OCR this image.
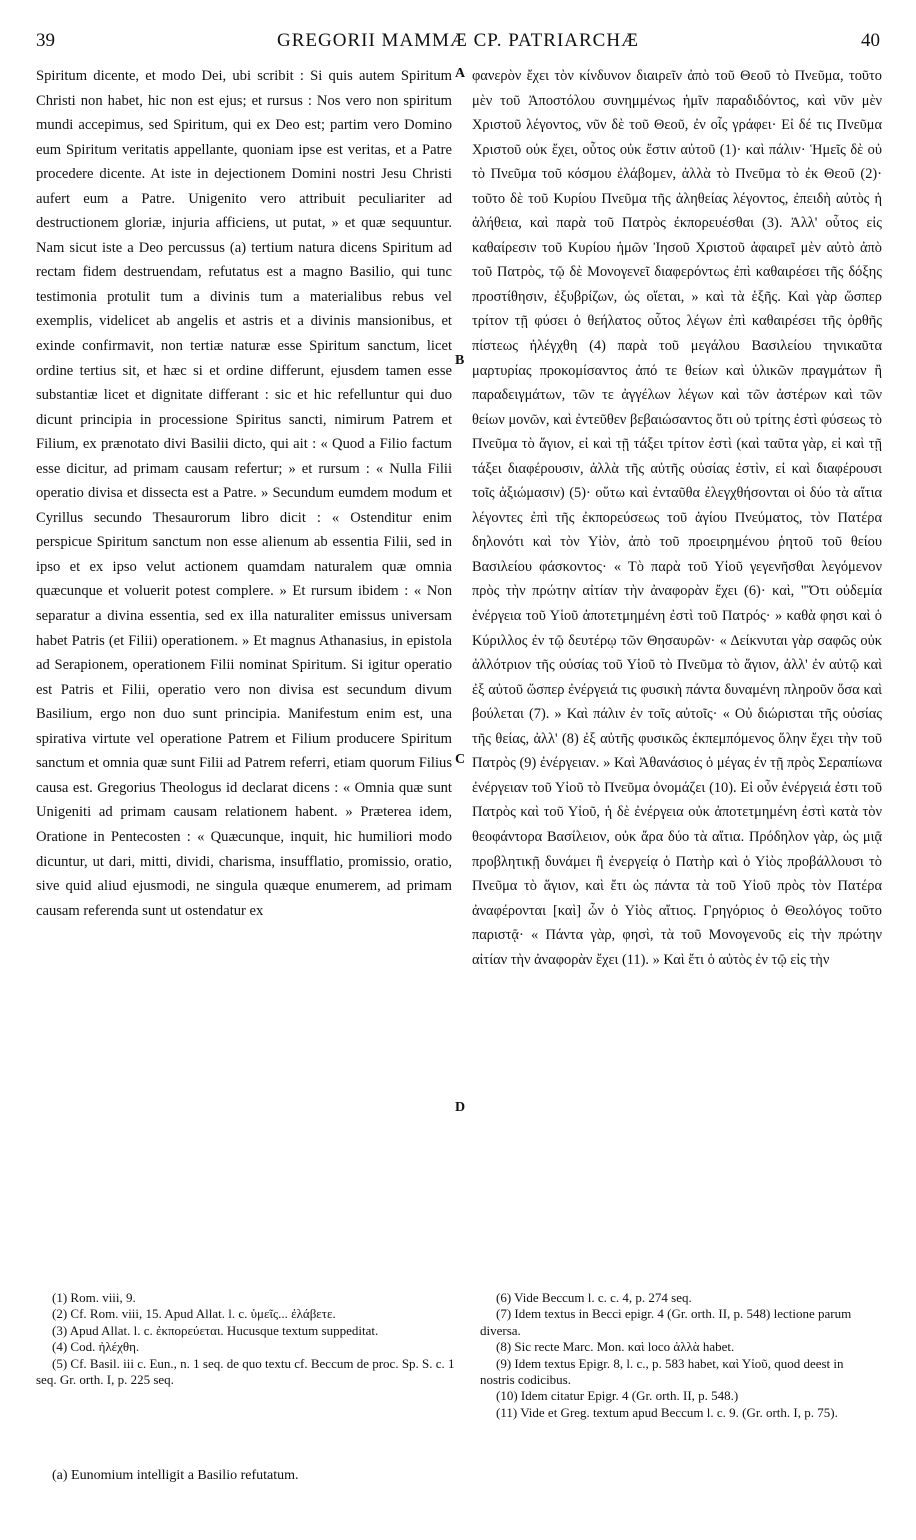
39	GREGORII MAMMÆ CP. PATRIARCHÆ	40

Spiritum dicente, et modo Dei, ubi scribit : Si quis autem Spiritum Christi non habet, hic non est ejus; et rursus : Nos vero non spiritum mundi accepimus, sed Spiritum, qui ex Deo est; partim vero Domino eum Spiritum veritatis appellante, quoniam ipse est veritas, et a Patre procedere dicente. At iste in dejectionem Domini nostri Jesu Christi aufert eum a Patre. Unigenito vero attribuit peculiariter ad destructionem gloriæ, injuria afficiens, ut putat, » et quæ sequuntur. Nam sicut iste a Deo percussus (a) tertium natura dicens Spiritum ad rectam fidem destruendam, refutatus est a magno Basilio, qui tunc testimonia protulit tum a divinis tum a materialibus rebus vel exemplis, videlicet ab angelis et astris et a divinis mansionibus, et exinde confirmavit, non tertiæ naturæ esse Spiritum sanctum, licet ordine tertius sit, et hæc si et ordine differunt, ejusdem tamen esse substantiæ licet et dignitate differant : sic et hic refelluntur qui duo dicunt principia in processione Spiritus sancti, nimirum Patrem et Filium, ex prænotato divi Basilii dicto, qui ait : « Quod a Filio factum esse dicitur, ad primam causam refertur; » et rursum : « Nulla Filii operatio divisa et dissecta est a Patre. » Secundum eumdem modum et Cyrillus secundo Thesaurorum libro dicit : « Ostenditur enim perspicue Spiritum sanctum non esse alienum ab essentia Filii, sed in ipso et ex ipso velut actionem quamdam naturalem quæ omnia quæcunque et voluerit potest complere. » Et rursum ibidem : « Non separatur a divina essentia, sed ex illa naturaliter emissus universam habet Patris (et Filii) operationem. » Et magnus Athanasius, in epistola ad Serapionem, operationem Filii nominat Spiritum. Si igitur operatio est Patris et Filii, operatio vero non divisa est secundum divum Basilium, ergo non duo sunt principia. Manifestum enim est, una spirativa virtute vel operatione Patrem et Filium producere Spiritum sanctum et omnia quæ sunt Filii ad Patrem referri, etiam quorum Filius causa est. Gregorius Theologus id declarat dicens : « Omnia quæ sunt Unigeniti ad primam causam relationem habent. » Præterea idem, Oratione in Pentecosten : « Quæcunque, inquit, hic humiliori modo dicuntur, ut dari, mitti, dividi, charisma, insufflatio, promissio, oratio, sive quid aliud ejusmodi, ne singula quæque enumerem, ad primam causam referenda sunt ut ostendatur ex

A
B
C
D

φανερὸν ἔχει τὸν κίνδυνον διαιρεῖν ἀπὸ τοῦ Θεοῦ τὸ Πνεῦμα, τοῦτο μὲν τοῦ Ἀποστόλου συνημμένως ἡμῖν παραδιδόντος, καὶ νῦν μὲν Χριστοῦ λέγοντος, νῦν δὲ τοῦ Θεοῦ, ἐν οἷς γράφει· Εἰ δέ τις Πνεῦμα Χριστοῦ οὐκ ἔχει, οὗτος οὐκ ἔστιν αὐτοῦ (1)· καὶ πάλιν· Ἡμεῖς δὲ οὐ τὸ Πνεῦμα τοῦ κόσμου ἐλάβομεν, ἀλλὰ τὸ Πνεῦμα τὸ ἐκ Θεοῦ (2)· τοῦτο δὲ τοῦ Κυρίου Πνεῦμα τῆς ἀληθείας λέγοντος, ἐπειδὴ αὐτὸς ἡ ἀλήθεια, καὶ παρὰ τοῦ Πατρὸς ἐκπορευέσθαι (3). Ἀλλ' οὗτος εἰς καθαίρεσιν τοῦ Κυρίου ἡμῶν Ἰησοῦ Χριστοῦ ἀφαιρεῖ μὲν αὐτὸ ἀπὸ τοῦ Πατρὸς, τῷ δὲ Μονογενεῖ διαφερόντως ἐπὶ καθαιρέσει τῆς δόξης προστίθησιν, ἐξυβρίζων, ὡς οἴεται, » καὶ τὰ ἑξῆς. Καὶ γὰρ ὥσπερ τρίτον τῇ φύσει ὁ θεήλατος οὗτος λέγων ἐπὶ καθαιρέσει τῆς ὀρθῆς πίστεως ἠλέγχθη (4) παρὰ τοῦ μεγάλου Βασιλείου τηνικαῦτα μαρτυρίας προκομίσαντος ἀπό τε θείων καὶ ὑλικῶν πραγμάτων ἢ παραδειγμάτων, τῶν τε ἀγγέλων λέγων καὶ τῶν ἀστέρων καὶ τῶν θείων μονῶν, καὶ ἐντεῦθεν βεβαιώσαντος ὅτι οὐ τρίτης ἐστὶ φύσεως τὸ Πνεῦμα τὸ ἅγιον, εἰ καὶ τῇ τάξει τρίτον ἐστὶ (καὶ ταῦτα γὰρ, εἰ καὶ τῇ τάξει διαφέρουσιν, ἀλλὰ τῆς αὐτῆς οὐσίας ἐστὶν, εἰ καὶ διαφέρουσι τοῖς ἀξιώμασιν) (5)· οὕτω καὶ ἐνταῦθα ἐλεγχθήσονται οἱ δύο τὰ αἴτια λέγοντες ἐπὶ τῆς ἐκπορεύσεως τοῦ ἁγίου Πνεύματος, τὸν Πατέρα δηλονότι καὶ τὸν Υἱὸν, ἀπὸ τοῦ προειρημένου ῥητοῦ τοῦ θείου Βασιλείου φάσκοντος· « Τὸ παρὰ τοῦ Υἱοῦ γεγενῆσθαι λεγόμενον πρὸς τὴν πρώτην αἰτίαν τὴν ἀναφορὰν ἔχει (6)· καὶ, "Ὅτι οὐδεμία ἐνέργεια τοῦ Υἱοῦ ἀποτετμημένη ἐστὶ τοῦ Πατρός· » καθὰ φησι καὶ ὁ Κύριλλος ἐν τῷ δευτέρῳ τῶν Θησαυρῶν· « Δείκνυται γὰρ σαφῶς οὐκ ἀλλότριον τῆς οὐσίας τοῦ Υἱοῦ τὸ Πνεῦμα τὸ ἅγιον, ἀλλ' ἐν αὐτῷ καὶ ἐξ αὐτοῦ ὥσπερ ἐνέργειά τις φυσικὴ πάντα δυναμένη πληροῦν ὅσα καὶ βούλεται (7). » Καὶ πάλιν ἐν τοῖς αὐτοῖς· « Οὐ διώρισται τῆς οὐσίας τῆς θείας, ἀλλ' (8) ἐξ αὐτῆς φυσικῶς ἐκπεμπόμενος ὅλην ἔχει τὴν τοῦ Πατρὸς (9) ἐνέργειαν. » Καὶ Ἀθανάσιος ὁ μέγας ἐν τῇ πρὸς Σεραπίωνα ἐνέργειαν τοῦ Υἱοῦ τὸ Πνεῦμα ὀνομάζει (10). Εἰ οὖν ἐνέργειά ἐστι τοῦ Πατρὸς καὶ τοῦ Υἱοῦ, ἡ δὲ ἐνέργεια οὐκ ἀποτετμημένη ἐστὶ κατὰ τὸν θεοφάντορα Βασίλειον, οὐκ ἄρα δύο τὰ αἴτια. Πρόδηλον γὰρ, ὡς μιᾷ προβλητικῇ δυνάμει ἢ ἐνεργείᾳ ὁ Πατὴρ καὶ ὁ Υἱὸς προβάλλουσι τὸ Πνεῦμα τὸ ἅγιον, καὶ ἔτι ὡς πάντα τὰ τοῦ Υἱοῦ πρὸς τὸν Πατέρα ἀναφέρονται [καὶ] ὧν ὁ Υἱὸς αἴτιος. Γρηγόριος ὁ Θεολόγος τοῦτο παριστᾷ· « Πάντα γὰρ, φησὶ, τὰ τοῦ Μονογενοῦς εἰς τὴν πρώτην αἰτίαν τὴν ἀναφορὰν ἔχει (11). » Καὶ ἔτι ὁ αὐτὸς ἐν τῷ εἰς τὴν

(1) Rom. viii, 9.

(2) Cf. Rom. viii, 15. Apud Allat. l. c. ὑμεῖς... ἐλάβετε.

(3) Apud Allat. l. c. ἐκπορεύεται. Hucusque textum suppeditat.

(4) Cod. ἠλέχθη.

(5) Cf. Basil. iii c. Eun., n. 1 seq. de quo textu cf. Beccum de proc. Sp. S. c. 1 seq. Gr. orth. I, p. 225 seq.

(6) Vide Beccum l. c. c. 4, p. 274 seq.

(7) Idem textus in Becci epigr. 4 (Gr. orth. II, p. 548) lectione parum diversa.

(8) Sic recte Marc. Mon. καὶ loco ἀλλὰ habet.

(9) Idem textus Epigr. 8, l. c., p. 583 habet, καὶ Υἱοῦ, quod deest in nostris codicibus.

(10) Idem citatur Epigr. 4 (Gr. orth. II, p. 548.)

(11) Vide et Greg. textum apud Beccum l. c. 9. (Gr. orth. I, p. 75).

(a) Eunomium intelligit a Basilio refutatum.
